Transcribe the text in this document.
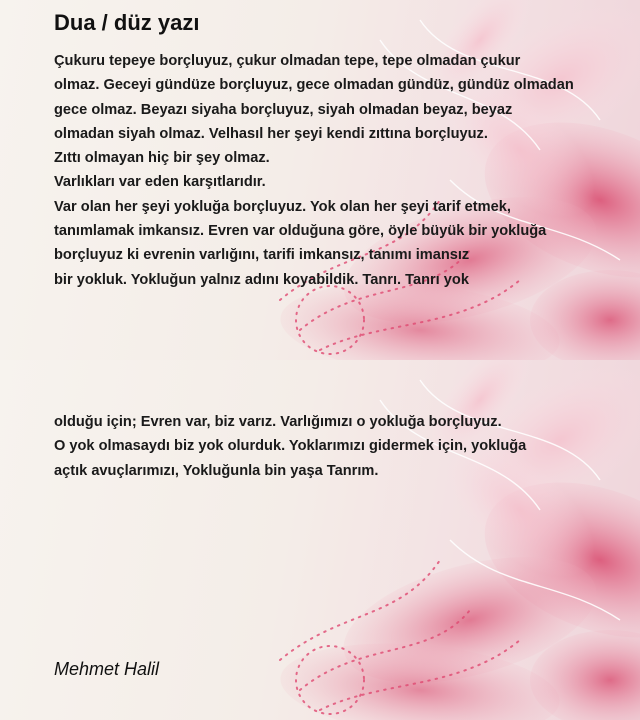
Dua / düz yazı

Çukuru tepeye borçluyuz, çukur olmadan tepe, tepe olmadan çukur
olmaz. Geceyi gündüze borçluyuz, gece olmadan gündüz, gündüz olmadan
gece olmaz. Beyazı siyaha borçluyuz, siyah olmadan beyaz, beyaz
olmadan siyah olmaz. Velhasıl her şeyi kendi zıttına borçluyuz.
Zıttı olmayan hiç bir şey olmaz.
Varlıkları var eden karşıtlarıdır.
Var olan her şeyi yokluğa borçluyuz. Yok olan her şeyi tarif etmek,
tanımlamak imkansız. Evren var olduğuna göre, öyle büyük bir yokluğa
borçluyuz ki evrenin varlığını, tarifi imkansız, tanımı imansız
bir yokluk. Yokluğun yalnız adını koyabildik. Tanrı. Tanrı yok

olduğu için; Evren var, biz varız. Varlığımızı o yokluğa borçluyuz.
O yok olmasaydı biz yok olurduk. Yoklarımızı gidermek için, yokluğa
açtık avuçlarımızı, Yokluğunla bin yaşa Tanrım.

Mehmet Halil
